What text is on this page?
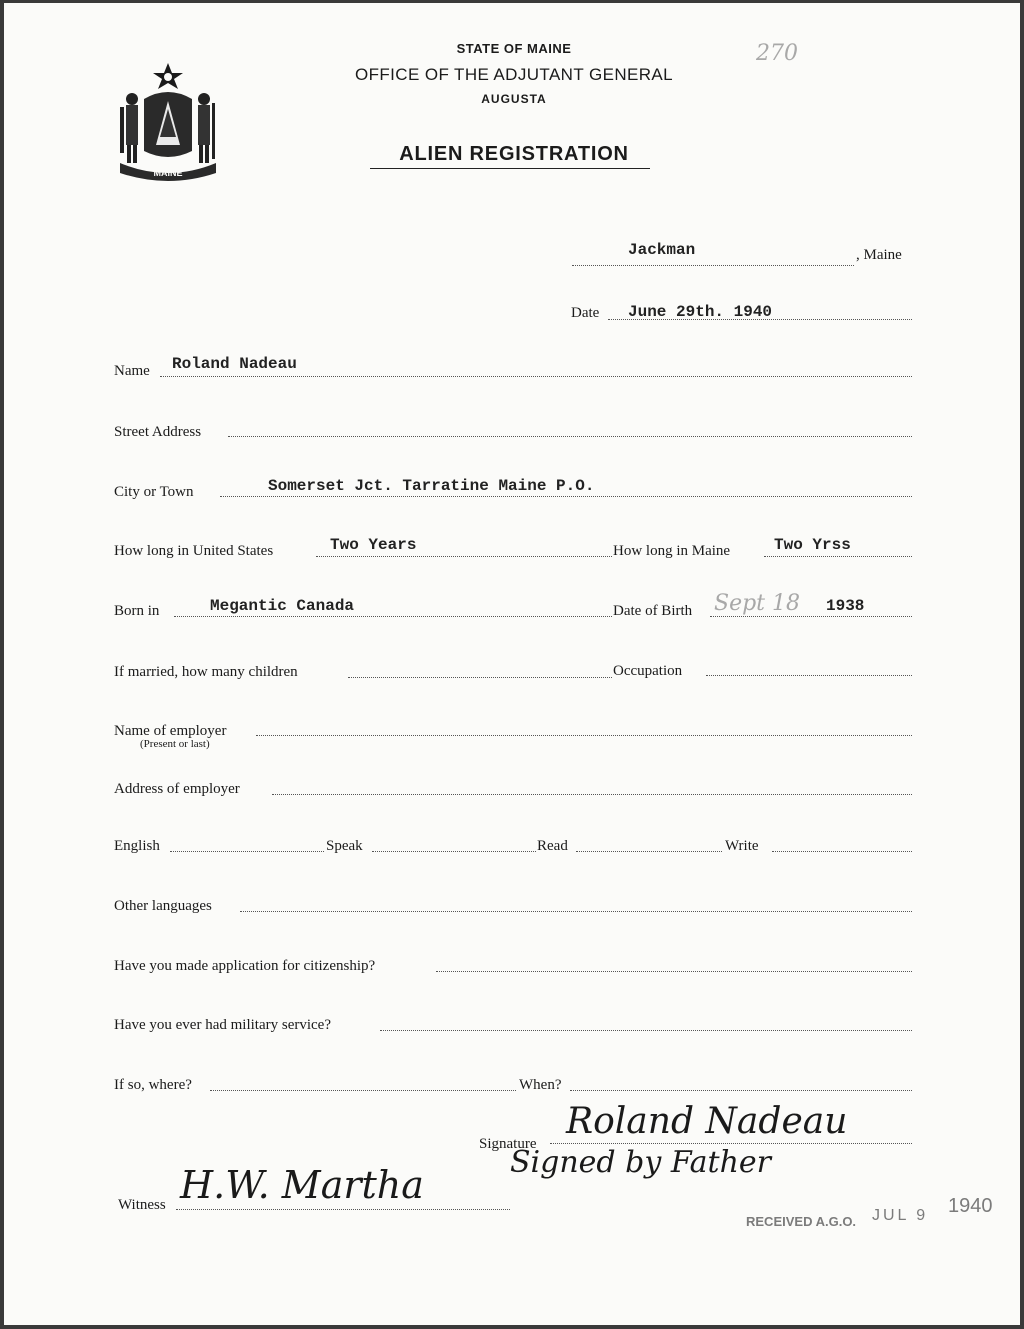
MAINE
STATE OF MAINE
OFFICE OF THE ADJUTANT GENERAL
AUGUSTA
ALIEN REGISTRATION
270
Jackman	, Maine
Date June 29th. 1940
Name Roland Nadeau
Street Address
City or Town	Somerset Jct. Tarratine Maine P.O.
How long in United States	Two Years	How long in Maine	Two Yrss
Born in	Megantic Canada	Date of Birth Sept 18 1938
If married, how many children	Occupation
Name of employer
(Present or last)
Address of employer
English	Speak	Read	Write
Other languages
Have you made application for citizenship?
Have you ever had military service?
If so, where?	When?
Signature
Roland Nadeau
Signed by Father
Witness H.W. Martha
RECEIVED A.G.O. JUL 9 1940
